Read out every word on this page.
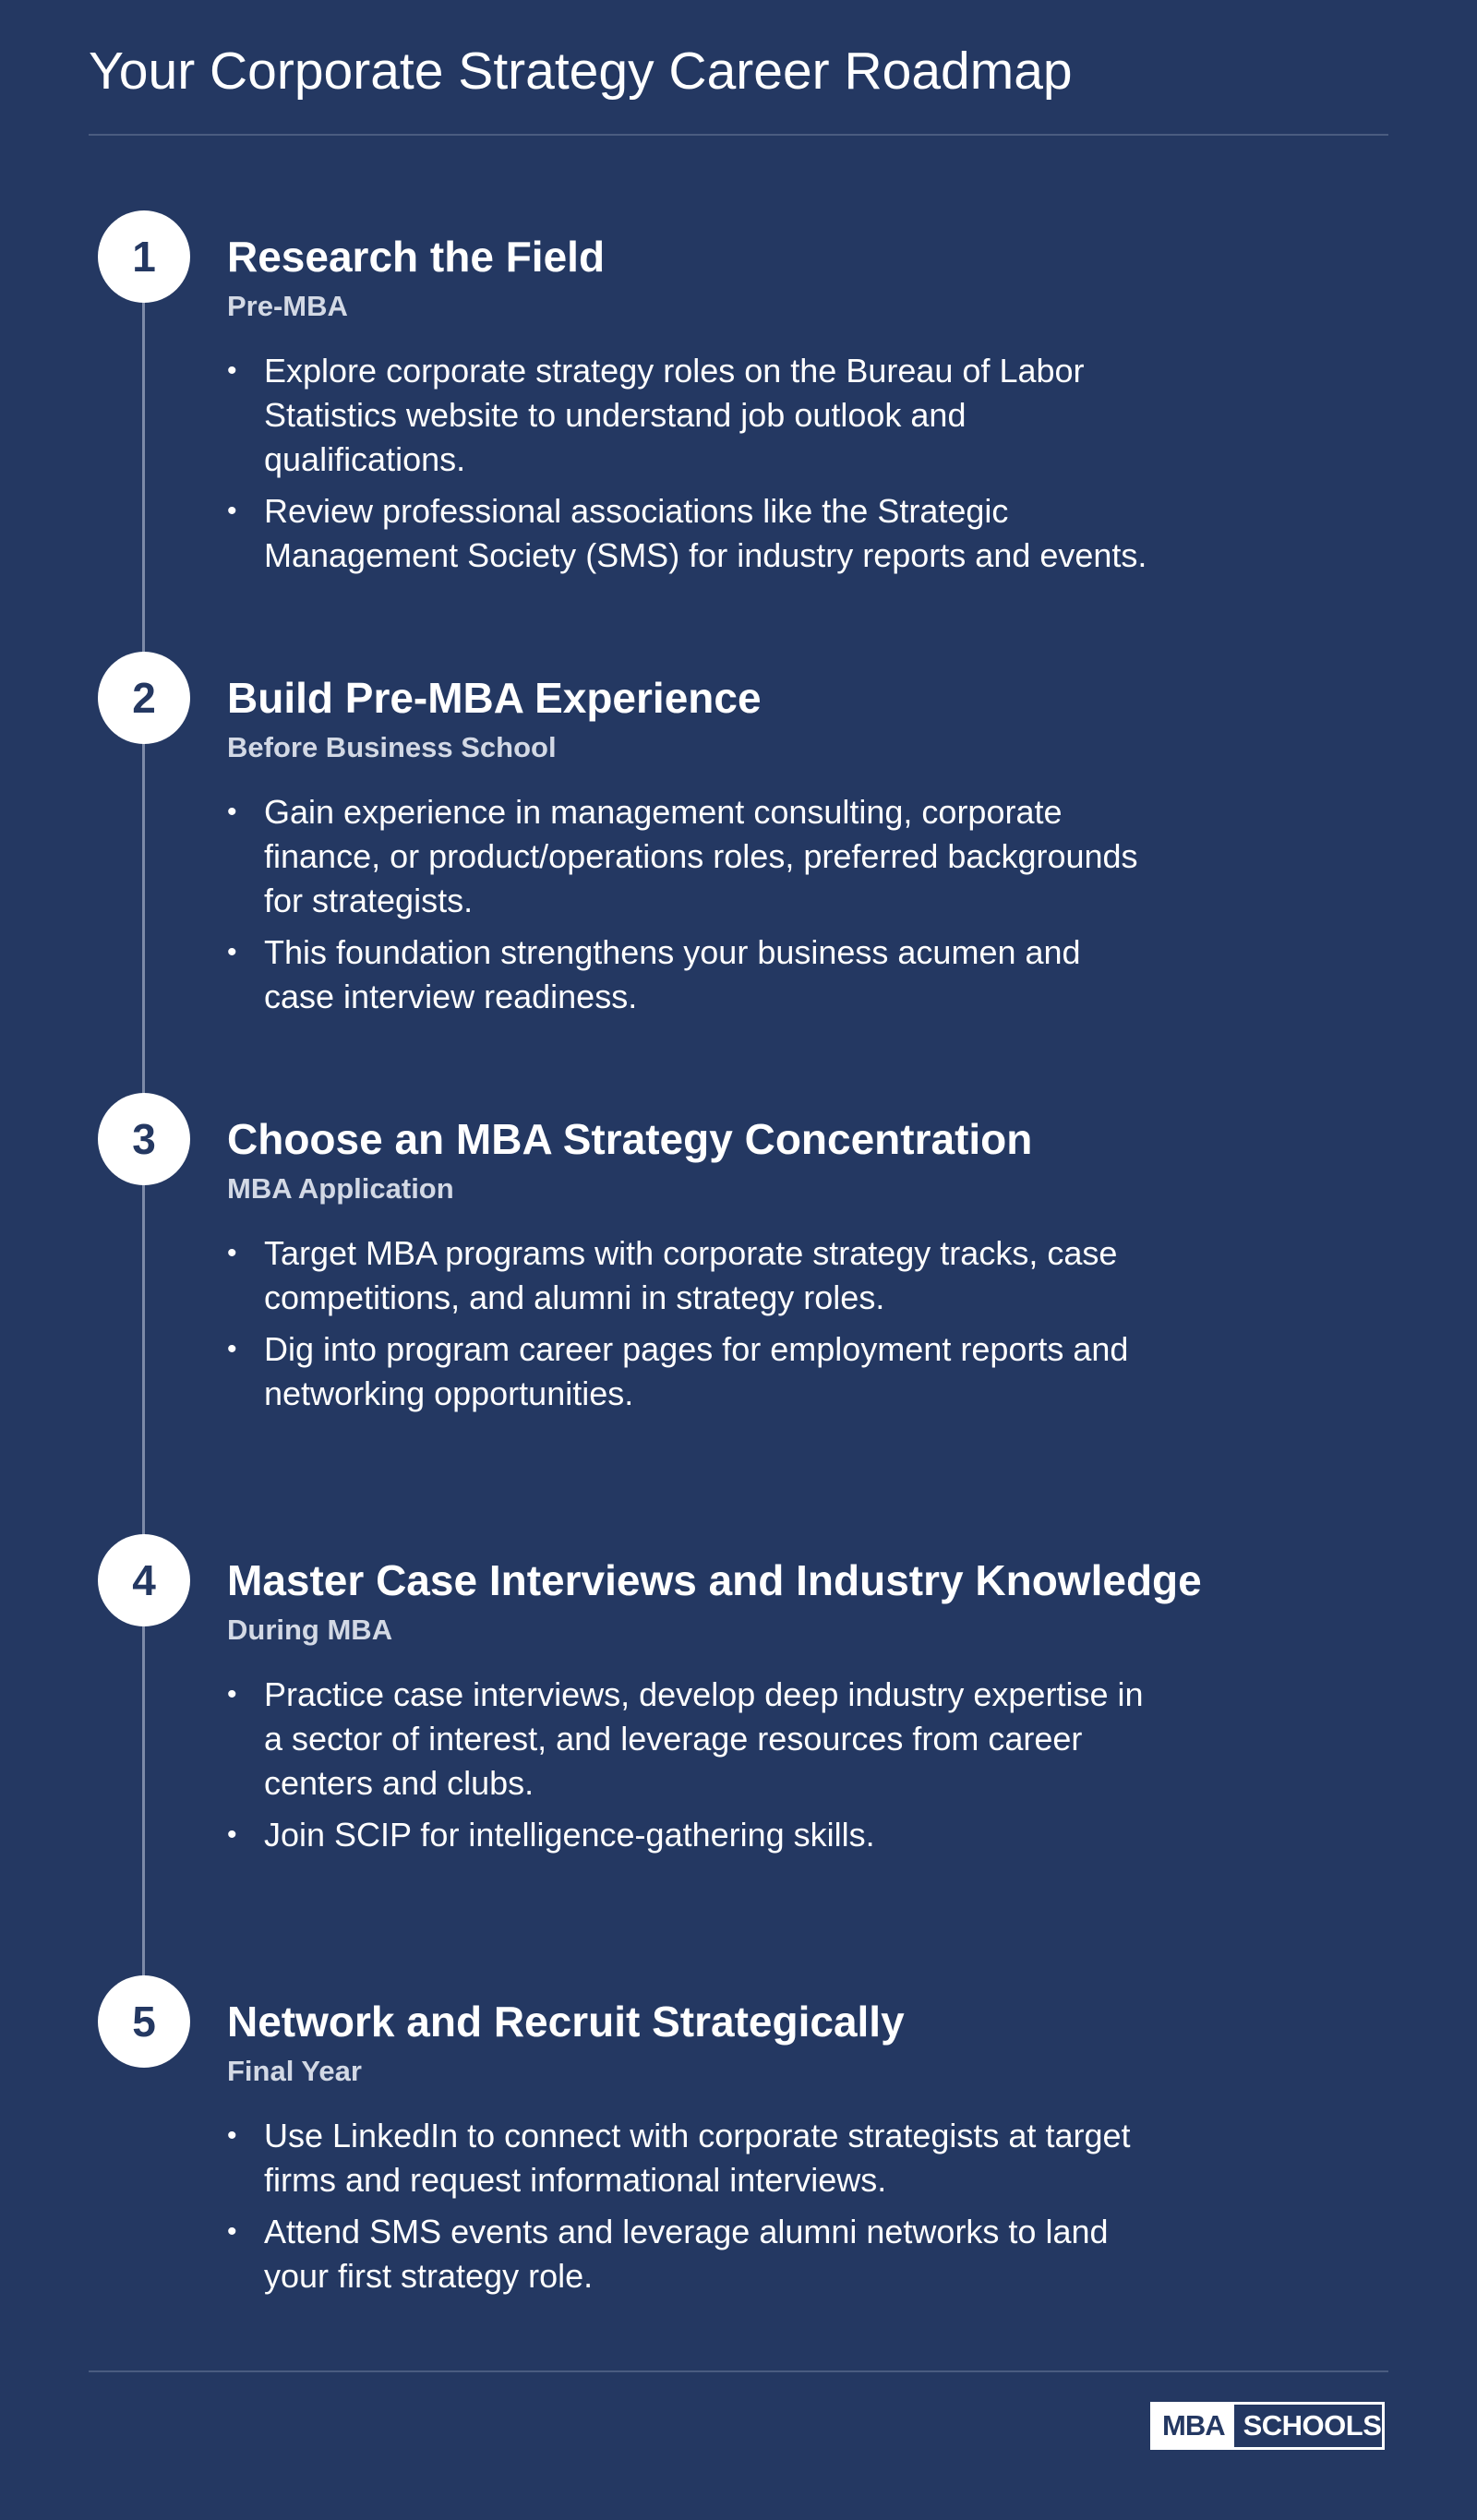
Your Corporate Strategy Career Roadmap
1	Research the Field
Pre-MBA
• Explore corporate strategy roles on the Bureau of Labor Statistics website to understand job outlook and qualifications.
• Review professional associations like the Strategic Management Society (SMS) for industry reports and events.
2	Build Pre-MBA Experience
Before Business School
• Gain experience in management consulting, corporate finance, or product/operations roles, preferred backgrounds for strategists.
• This foundation strengthens your business acumen and case interview readiness.
3	Choose an MBA Strategy Concentration
MBA Application
• Target MBA programs with corporate strategy tracks, case competitions, and alumni in strategy roles.
• Dig into program career pages for employment reports and networking opportunities.
4	Master Case Interviews and Industry Knowledge
During MBA
• Practice case interviews, develop deep industry expertise in a sector of interest, and leverage resources from career centers and clubs.
• Join SCIP for intelligence-gathering skills.
5	Network and Recruit Strategically
Final Year
• Use LinkedIn to connect with corporate strategists at target firms and request informational interviews.
• Attend SMS events and leverage alumni networks to land your first strategy role.
MBA SCHOOLS
